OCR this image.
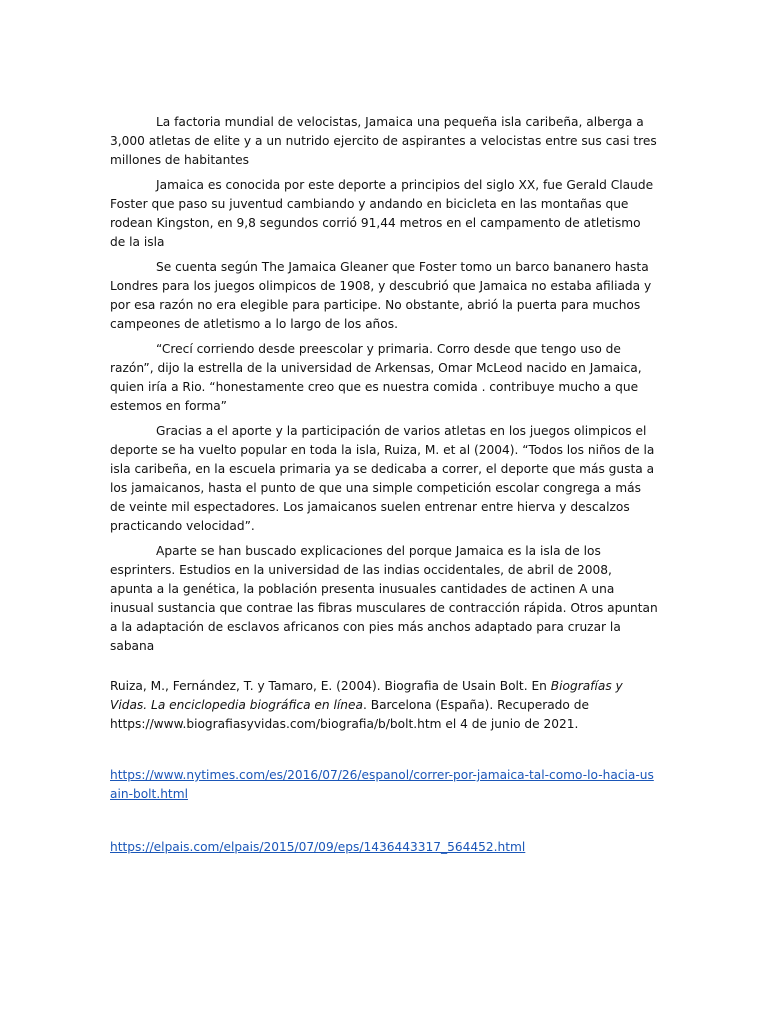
La factoria mundial de velocistas, Jamaica una pequeña isla caribeña, alberga a 3,000 atletas de elite y a un nutrido ejercito de aspirantes a velocistas entre sus casi tres millones de habitantes

Jamaica es conocida por este deporte a principios del siglo XX, fue Gerald Claude Foster que paso su juventud cambiando y andando en bicicleta en las montañas que rodean Kingston, en 9,8 segundos corrió 91,44 metros en el campamento de atletismo de la isla

Se cuenta según The Jamaica Gleaner que Foster tomo un barco bananero hasta Londres para los juegos olimpicos de 1908, y descubrió que Jamaica no estaba afiliada y por esa razón no era elegible para participe. No obstante, abrió la puerta para muchos campeones de atletismo a lo largo de los años.

“Crecí corriendo desde preescolar y primaria. Corro desde que tengo uso de razón”, dijo la estrella de la universidad de Arkensas, Omar McLeod nacido en Jamaica, quien iría a Rio. “honestamente creo que es nuestra comida . contribuye mucho a que estemos en forma”

Gracias a el aporte y la participación de varios atletas en los juegos olimpicos el deporte se ha vuelto popular en toda la isla, Ruiza, M. et al (2004). “Todos los niños de la isla caribeña, en la escuela primaria ya se dedicaba a correr, el deporte que más gusta a los jamaicanos, hasta el punto de que una simple competición escolar congrega a más de veinte mil espectadores. Los jamaicanos suelen entrenar entre hierva y descalzos practicando velocidad”.

Aparte se han buscado explicaciones del porque Jamaica es la isla de los esprinters. Estudios en la universidad de las indias occidentales, de abril de 2008, apunta a la genética, la población presenta inusuales cantidades de actinen A una inusual sustancia que contrae las fibras musculares de contracción rápida. Otros apuntan a la adaptación de esclavos africanos con pies más anchos adaptado para cruzar la sabana

Ruiza, M., Fernández, T. y Tamaro, E. (2004). Biografia de Usain Bolt. En Biografías y Vidas. La enciclopedia biográfica en línea. Barcelona (España). Recuperado de https://www.biografiasyvidas.com/biografia/b/bolt.htm el 4 de junio de 2021.
https://www.nytimes.com/es/2016/07/26/espanol/correr-por-jamaica-tal-como-lo-hacia-usain-bolt.html
https://elpais.com/elpais/2015/07/09/eps/1436443317_564452.html
